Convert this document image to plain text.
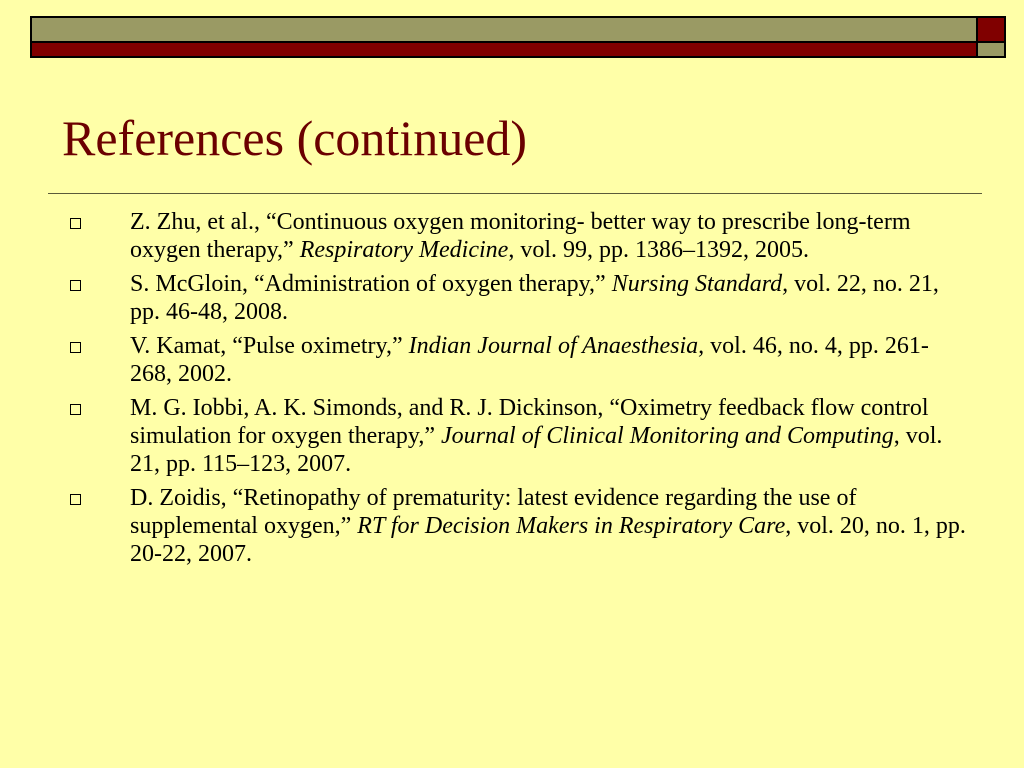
References (continued)
Z. Zhu, et al., “Continuous oxygen monitoring- better way to prescribe long-term oxygen therapy,” Respiratory Medicine, vol. 99, pp. 1386–1392, 2005.
S. McGloin, “Administration of oxygen therapy,” Nursing Standard, vol. 22, no. 21, pp. 46-48, 2008.
V. Kamat, “Pulse oximetry,” Indian Journal of Anaesthesia, vol. 46, no. 4, pp. 261-268, 2002.
M. G. Iobbi, A. K. Simonds, and R. J. Dickinson, “Oximetry feedback flow control simulation for oxygen therapy,” Journal of Clinical Monitoring and Computing, vol. 21, pp. 115–123, 2007.
D. Zoidis, “Retinopathy of prematurity: latest evidence regarding the use of supplemental oxygen,” RT for Decision Makers in Respiratory Care, vol. 20, no. 1, pp. 20-22, 2007.
